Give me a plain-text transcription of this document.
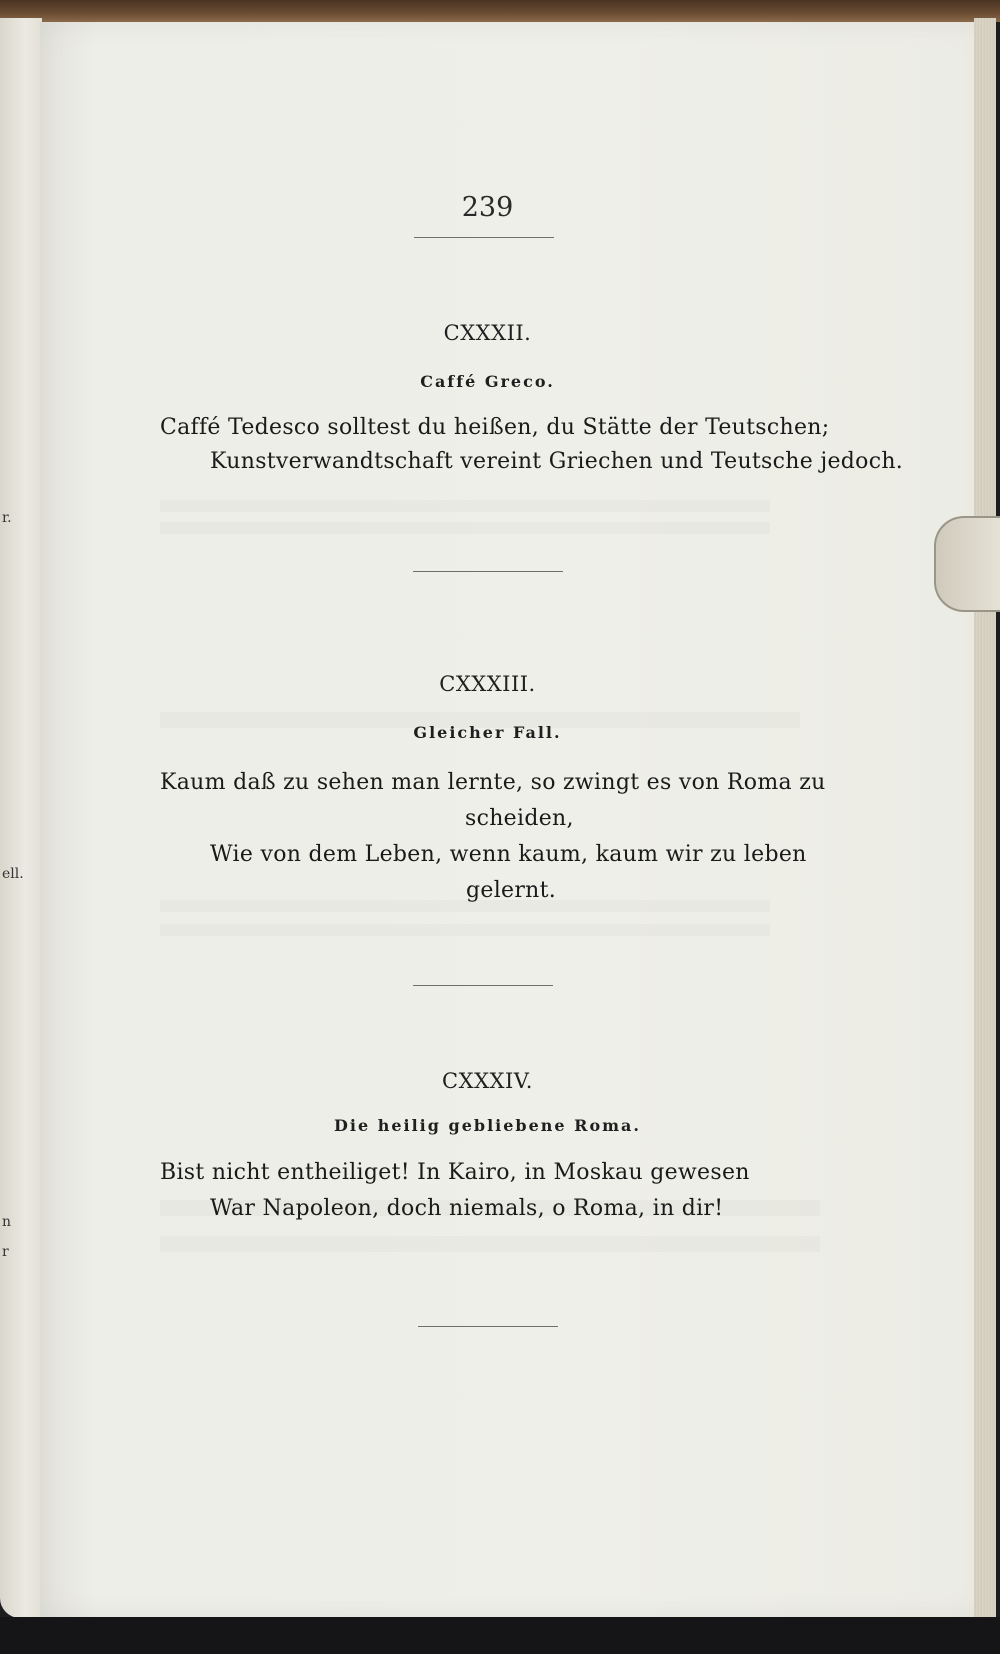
r.
ell.
n
r
239
CXXXII.
Caffé Greco.
Caffé Tedesco solltest du heißen, du Stätte der Teutschen;
Kunstverwandtschaft vereint Griechen und Teutsche jedoch.
CXXXIII.
Gleicher Fall.
Kaum daß zu sehen man lernte, so zwingt es von Roma zu
scheiden,
Wie von dem Leben, wenn kaum, kaum wir zu leben
gelernt.
CXXXIV.
Die heilig gebliebene Roma.
Bist nicht entheiliget! In Kairo, in Moskau gewesen
War Napoleon, doch niemals, o Roma, in dir!
